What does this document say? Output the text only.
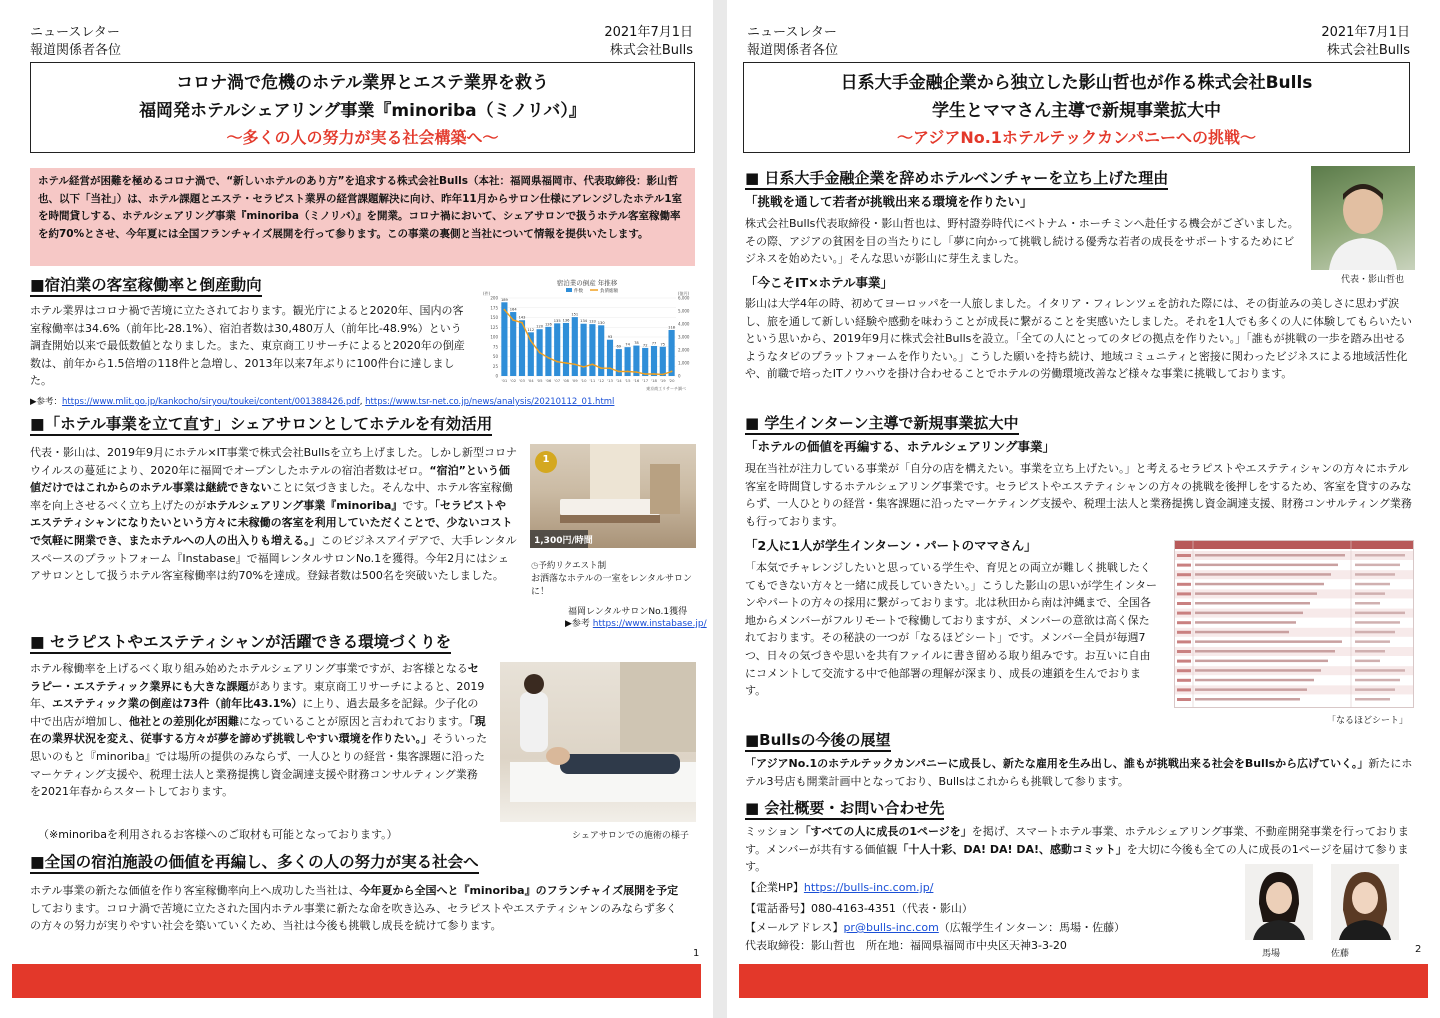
ニュースレター
報道関係者各位
2021年7月1日
株式会社Bulls
コロナ渦で危機のホテル業界とエステ業界を救う
福岡発ホテルシェアリング事業『minoriba（ミノリバ）』
〜多くの人の努力が実る社会構築へ〜
ホテル経営が困難を極めるコロナ渦で、“新しいホテルのあり方”を追求する株式会社Bulls（本社：福岡県福岡市、代表取締役：影山哲也、以下「当社」）は、ホテル課題とエステ・セラピスト業界の経営課題解決に向け、昨年11月からサロン仕様にアレンジしたホテル1室を時間貸しする、ホテルシェアリング事業『minoriba（ミノリバ）』を開業。コロナ禍において、シェアサロンで扱うホテル客室稼働率を約70%とさせ、今年夏には全国フランチャイズ展開を行って参ります。この事業の裏側と当社について情報を提供いたします。
■宿泊業の客室稼働率と倒産動向
ホテル業界はコロナ禍で苦境に立たされております。観光庁によると2020年、国内の客室稼働率は34.6%（前年比-28.1%）、宿泊者数は30,480万人（前年比-48.9%）という調査開始以来で最低数値となりました。また、東京商工リサーチによると2020年の倒産数は、前年から1.5倍増の118件と急増し、2013年以来7年ぶりに100件台に達しました。
▶参考：https://www.mlit.go.jp/kankocho/siryou/toukei/content/001388426.pdf, https://www.tsr-net.co.jp/news/analysis/20210112_01.html
宿泊業の倒産 年推移
件数	負債総額
(件)	(億円)
200
175
150
125
100
75
50
25
0
6,000
5,000
4,000
3,000
2,000
1,000
0
189
'01
164
'02
143
'03
112
'04
120
'05
126
'06
135
'07
136
'08
151
'09
134
'10
133
'11
130
'12
93
'13
69
'14
74
'15
78
'16
72
'17
77
'18
75
'19
118
'20
東京商工リサーチ調べ
■「ホテル事業を立て直す」シェアサロンとしてホテルを有効活用
代表・影山は、2019年9月にホテル×IT事業で株式会社Bullsを立ち上げました。しかし新型コロナウイルスの蔓延により、2020年に福岡でオープンしたホテルの宿泊者数はゼロ。“宿泊”という価値だけではこれからのホテル事業は継続できないことに気づきました。そんな中、ホテル客室稼働率を向上させるべく立ち上げたのがホテルシェアリング事業『minoriba』です。「セラピストやエステティシャンになりたいという方々に未稼働の客室を利用していただくことで、少ないコストで気軽に開業でき、またホテルへの人の出入りも増える。」このビジネスアイデアで、大手レンタルスペースのプラットフォーム『Instabase』で福岡レンタルサロンNo.1を獲得。今年2月にはシェアサロンとして扱うホテル客室稼働率は約70%を達成。登録者数は500名を突破いたしました。
1
1,300円/時間
◷予約リクエスト制
お洒落なホテルの一室をレンタルサロンに！
福岡レンタルサロンNo.1獲得
▶参考 https://www.instabase.jp/
■ セラピストやエステティシャンが活躍できる環境づくりを
ホテル稼働率を上げるべく取り組み始めたホテルシェアリング事業ですが、お客様となるセラピー・エステティック業界にも大きな課題があります。東京商工リサーチによると、2019年、エステティック業の倒産は73件（前年比43.1%）に上り、過去最多を記録。少子化の中で出店が増加し、他社との差別化が困難になっていることが原因と言われております。「現在の業界状況を変え、従事する方々が夢を諦めず挑戦しやすい環境を作りたい。」そういった思いのもと『minoriba』では場所の提供のみならず、一人ひとりの経営・集客課題に沿ったマーケティング支援や、税理士法人と業務提携し資金調達支援や財務コンサルティング業務を2021年春からスタートしております。
（※minoribaを利用されるお客様へのご取材も可能となっております。）	シェアサロンでの施術の様子
■全国の宿泊施設の価値を再編し、多くの人の努力が実る社会へ
ホテル事業の新たな価値を作り客室稼働率向上へ成功した当社は、今年夏から全国へと『minoriba』のフランチャイズ展開を予定しております。コロナ渦で苦境に立たされた国内ホテル事業に新たな命を吹き込み、セラピストやエステティシャンのみならず多くの方々の努力が実りやすい社会を築いていくため、当社は今後も挑戦し成長を続けて参ります。
1
ニュースレター
報道関係者各位
2021年7月1日
株式会社Bulls
日系大手金融企業から独立した影山哲也が作る株式会社Bulls
学生とママさん主導で新規事業拡大中
〜アジアNo.1ホテルテックカンパニーへの挑戦〜
■ 日系大手金融企業を辞めホテルベンチャーを立ち上げた理由
「挑戦を通して若者が挑戦出来る環境を作りたい」
株式会社Bulls代表取締役・影山哲也は、野村證券時代にベトナム・ホーチミンへ赴任する機会がございました。その際、アジアの貧困を目の当たりにし「夢に向かって挑戦し続ける優秀な若者の成長をサポートするためにビジネスを始めたい。」そんな思いが影山に芽生えました。
代表・影山哲也
「今こそIT×ホテル事業」
影山は大学4年の時、初めてヨーロッパを一人旅しました。イタリア・フィレンツェを訪れた際には、その街並みの美しさに思わず涙し、旅を通して新しい経験や感動を味わうことが成長に繋がることを実感いたしました。それを1人でも多くの人に体験してもらいたいという思いから、2019年9月に株式会社Bullsを設立。「全ての人にとってのタビの拠点を作りたい。」「誰もが挑戦の一歩を踏み出せるようなタビのプラットフォームを作りたい。」こうした願いを持ち続け、地域コミュニティと密接に関わったビジネスによる地域活性化や、前職で培ったITノウハウを掛け合わせることでホテルの労働環境改善など様々な事業に挑戦しております。
■ 学生インターン主導で新規事業拡大中
「ホテルの価値を再編する、ホテルシェアリング事業」
現在当社が注力している事業が「自分の店を構えたい。事業を立ち上げたい。」と考えるセラピストやエステティシャンの方々にホテル客室を時間貸しするホテルシェアリング事業です。セラピストやエステティシャンの方々の挑戦を後押しをするため、客室を貸すのみならず、一人ひとりの経営・集客課題に沿ったマーケティング支援や、税理士法人と業務提携し資金調達支援、財務コンサルティング業務も行っております。
「2人に1人が学生インターン・パートのママさん」
「本気でチャレンジしたいと思っている学生や、育児との両立が難しく挑戦したくてもできない方々と一緒に成長していきたい。」こうした影山の思いが学生インターンやパートの方々の採用に繋がっております。北は秋田から南は沖縄まで、全国各地からメンバーがフルリモートで稼働しておりますが、メンバーの意欲は高く保たれております。その秘訣の一つが「なるほどシート」です。メンバー全員が毎週7つ、日々の気づきや思いを共有ファイルに書き留める取り組みです。お互いに自由にコメントして交流する中で他部署の理解が深まり、成長の連鎖を生んでおります。
「なるほどシート」
■Bullsの今後の展望
「アジアNo.1のホテルテックカンパニーに成長し、新たな雇用を生み出し、誰もが挑戦出来る社会をBullsから広げていく。」新たにホテル3号店も開業計画中となっており、Bullsはこれからも挑戦して参ります。
■ 会社概要・お問い合わせ先
ミッション「すべての人に成長の1ページを」を掲げ、スマートホテル事業、ホテルシェアリング事業、不動産開発事業を行っております。メンバーが共有する価値観「十人十彩、DA! DA! DA!、感動コミット」を大切に今後も全ての人に成長の1ページを届けて参ります。
【企業HP】https://bulls-inc.com.jp/
【電話番号】080-4163-4351（代表・影山）
【メールアドレス】pr@bulls-inc.com（広報学生インターン：馬場・佐藤）
代表取締役：影山哲也　所在地：福岡県福岡市中央区天神3-3-20
馬場	佐藤	2
